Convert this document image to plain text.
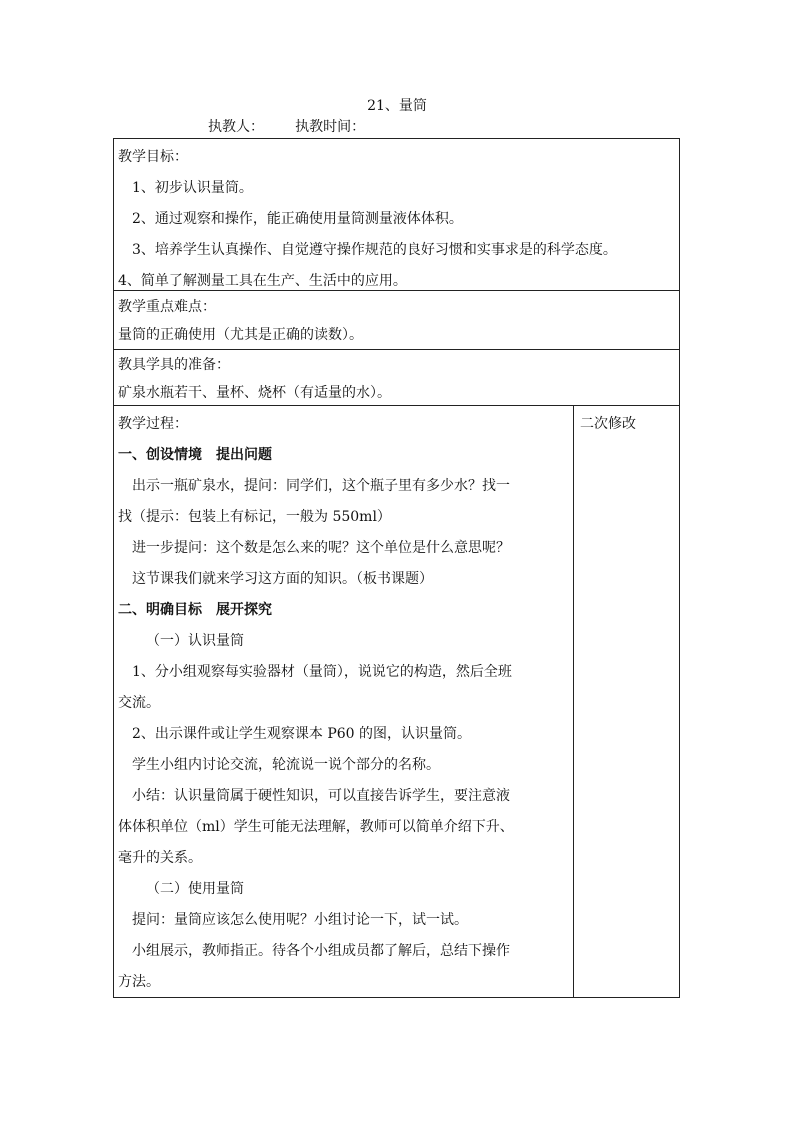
21、量筒
执教人： 执教时间：

教学目标：

1、初步认识量筒。

2、通过观察和操作，能正确使用量筒测量液体体积。

3、培养学生认真操作、自觉遵守操作规范的良好习惯和实事求是的科学态度。

4、简单了解测量工具在生产、生活中的应用。

教学重点难点：

量筒的正确使用（尤其是正确的读数）。

教具学具的准备：

矿泉水瓶若干、量杯、烧杯（有适量的水）。

教学过程：

一、创设情境　提出问题

出示一瓶矿泉水，提问：同学们，这个瓶子里有多少水？找一

找（提示：包装上有标记，一般为 550ml）

进一步提问：这个数是怎么来的呢？这个单位是什么意思呢？

这节课我们就来学习这方面的知识。（板书课题）

二、明确目标　展开探究

（一）认识量筒

1、分小组观察每实验器材（量筒），说说它的构造，然后全班

交流。

2、出示课件或让学生观察课本 P60 的图，认识量筒。

学生小组内讨论交流，轮流说一说个部分的名称。

小结：认识量筒属于硬性知识，可以直接告诉学生，要注意液

体体积单位（ml）学生可能无法理解，教师可以简单介绍下升、

毫升的关系。

（二）使用量筒

提问：量筒应该怎么使用呢？小组讨论一下，试一试。

小组展示，教师指正。待各个小组成员都了解后，总结下操作

方法。

二次修改
